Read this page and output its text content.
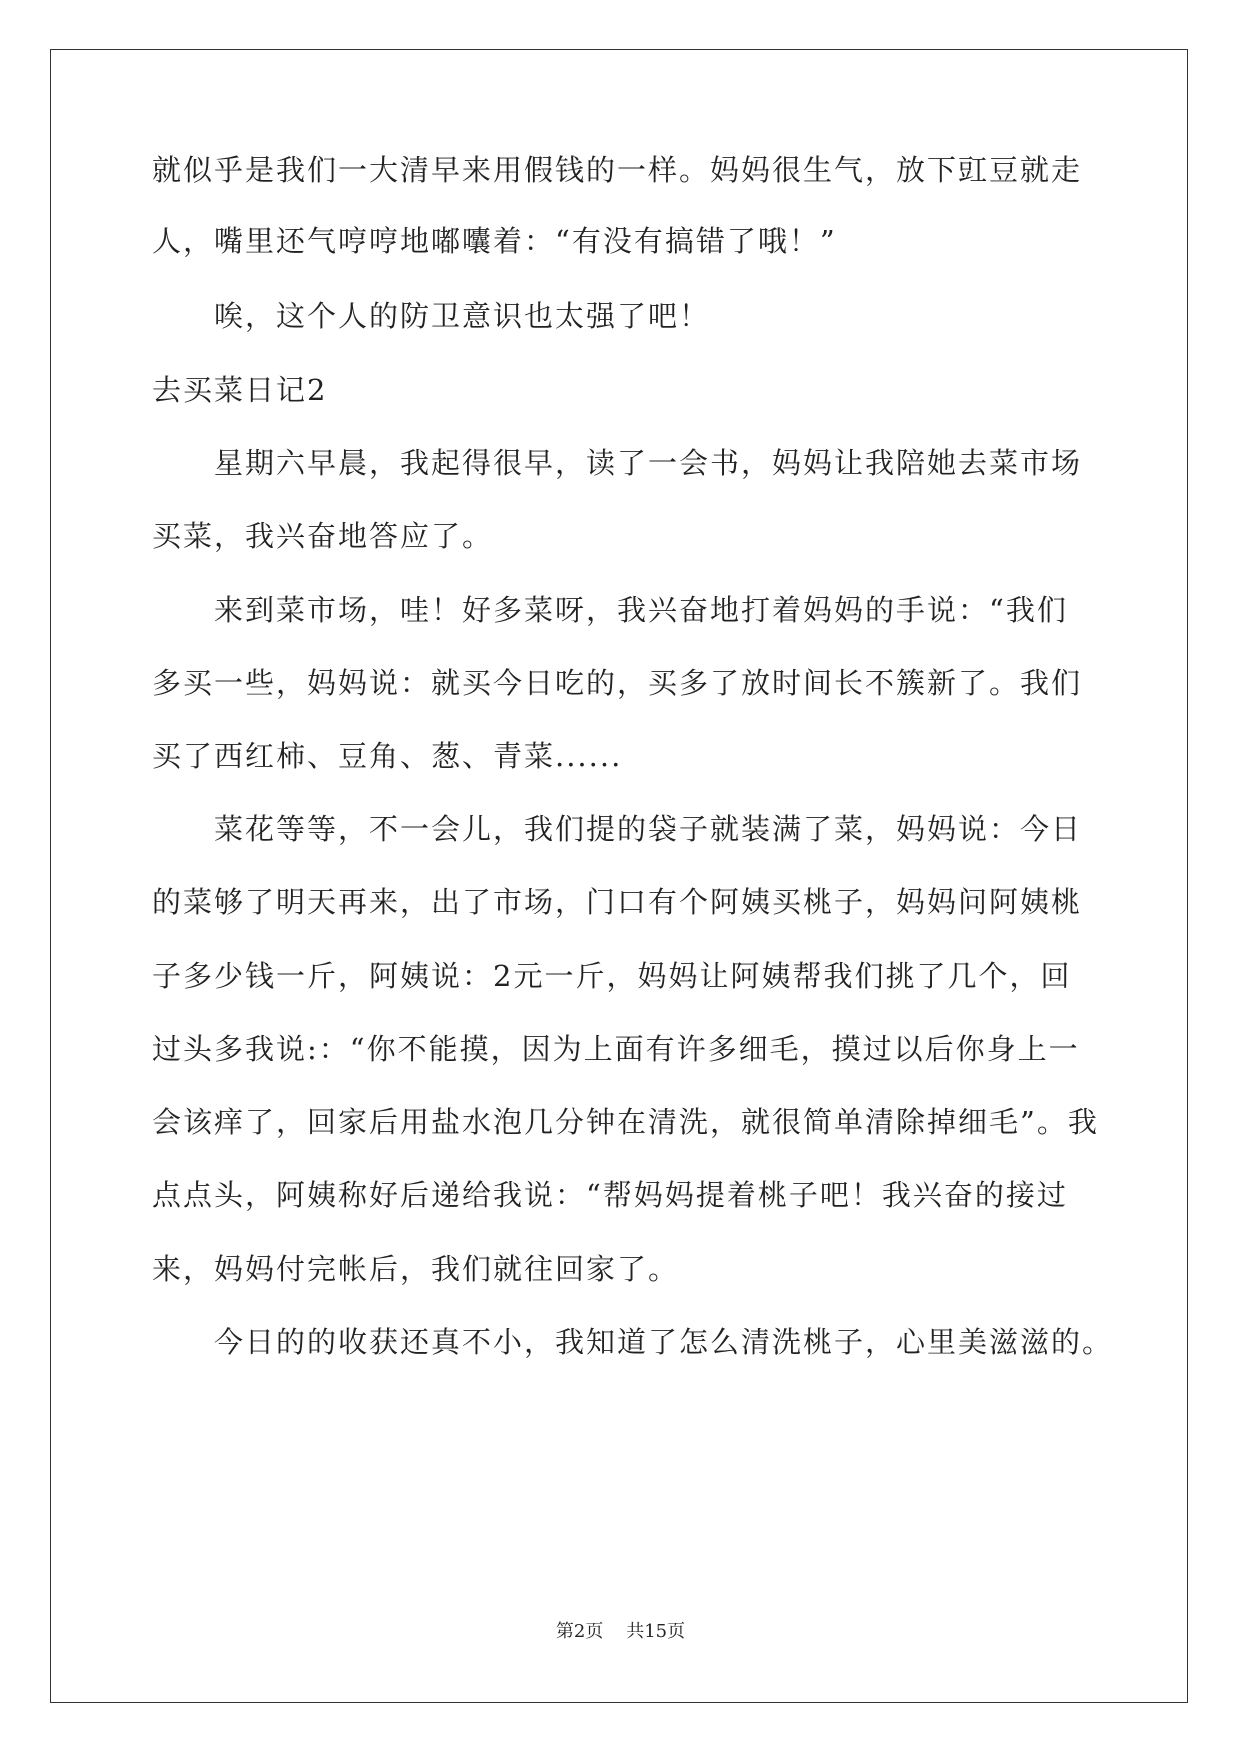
就似乎是我们一大清早来用假钱的一样。妈妈很生气，放下豇豆就走
人，嘴里还气哼哼地嘟囔着：“有没有搞错了哦！”
唉，这个人的防卫意识也太强了吧！
去买菜日记2
星期六早晨，我起得很早，读了一会书，妈妈让我陪她去菜市场
买菜，我兴奋地答应了。
来到菜市场，哇！好多菜呀，我兴奋地打着妈妈的手说：“我们
多买一些，妈妈说：就买今日吃的，买多了放时间长不簇新了。我们
买了西红柿、豆角、葱、青菜......
菜花等等，不一会儿，我们提的袋子就装满了菜，妈妈说：今日
的菜够了明天再来，出了市场，门口有个阿姨买桃子，妈妈问阿姨桃
子多少钱一斤，阿姨说：2元一斤，妈妈让阿姨帮我们挑了几个，回
过头多我说:：“你不能摸，因为上面有许多细毛，摸过以后你身上一
会该痒了，回家后用盐水泡几分钟在清洗，就很简单清除掉细毛”。我
点点头，阿姨称好后递给我说：“帮妈妈提着桃子吧！我兴奋的接过
来，妈妈付完帐后，我们就往回家了。
今日的的收获还真不小，我知道了怎么清洗桃子，心里美滋滋的。
第2页 共15页
